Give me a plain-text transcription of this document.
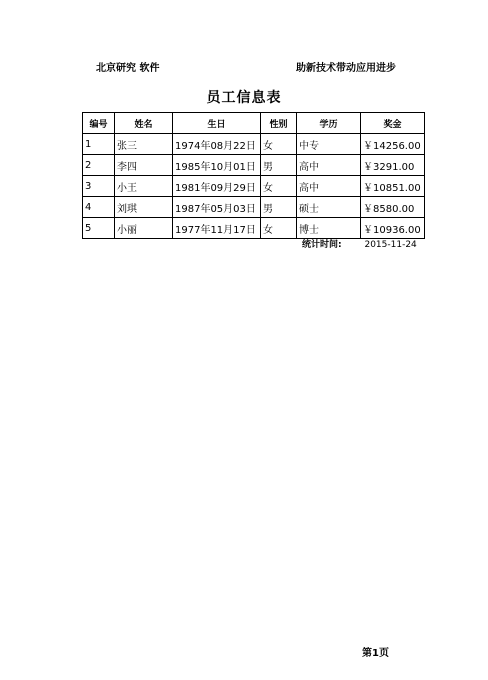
北京研究 软件	助新技术带动应用进步
员工信息表
编号	姓名	生日	性别	学历	奖金
1	张三	1974年08月22日	女	中专	￥14256.00
2	李四	1985年10月01日	男	高中	￥3291.00
3	小王	1981年09月29日	女	高中	￥10851.00
4	刘琪	1987年05月03日	男	硕士	￥8580.00
5	小丽	1977年11月17日	女	博士	￥10936.00
统计时间:	2015-11-24
第1页
